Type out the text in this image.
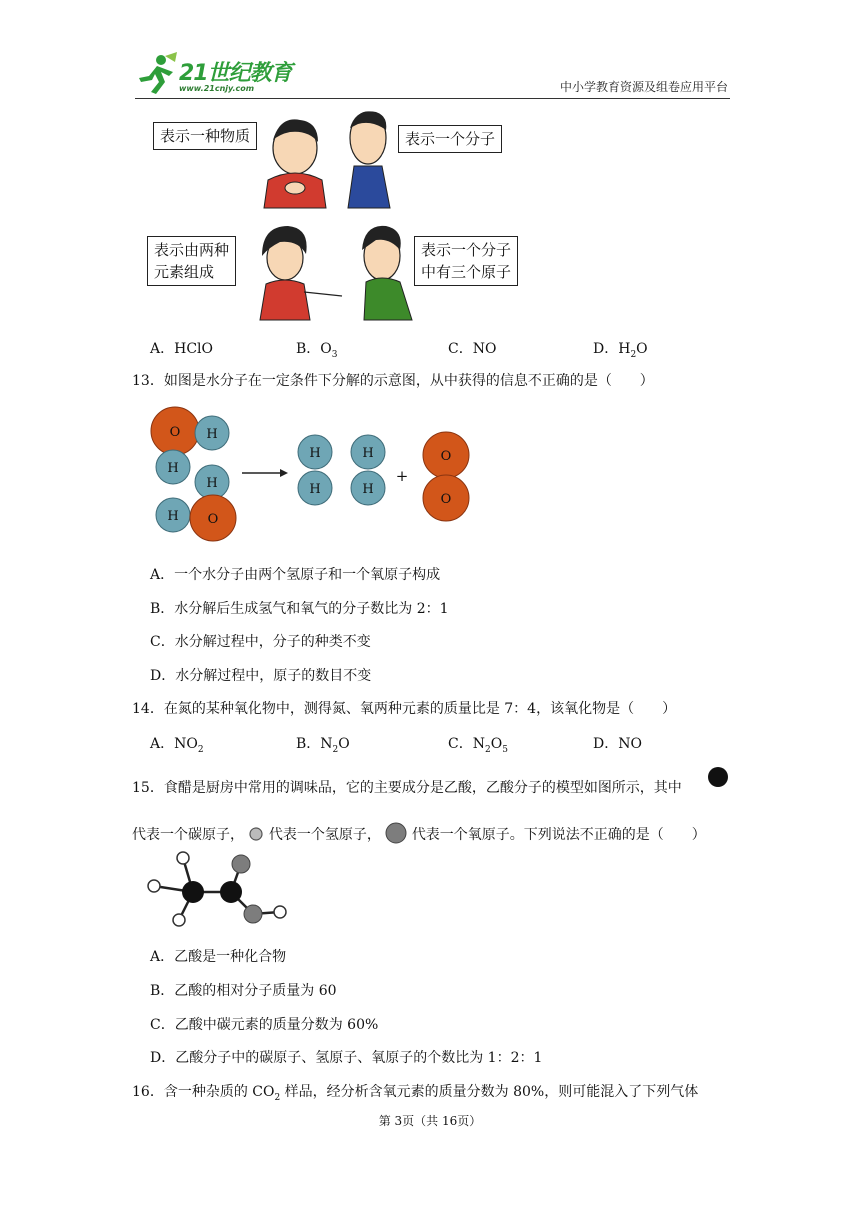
21世纪教育
www.21cnjy.com	中小学教育资源及组卷应用平台
表示一种物质	表示一个分子
表示由两种
元素组成
表示一个分子
中有三个原子
A．HClO	B．$O_3$	C．NO	D．$H_2O$
13．如图是水分子在一定条件下分解的示意图，从中获得的信息不正确的是（　　）
O H
H
H
H O
H
H
H
H
+
O
O
A．一个水分子由两个氢原子和一个氧原子构成
B．水分解后生成氢气和氧气的分子数比为 2：1
C．水分解过程中，分子的种类不变
D．水分解过程中，原子的数目不变
14．在氮的某种氧化物中，测得氮、氧两种元素的质量比是 7：4，该氧化物是（　　）
A．$NO_2$	B．$N_2O$	C．$N_2O_5$	D．NO
15．食醋是厨房中常用的调味品，它的主要成分是乙酸，乙酸分子的模型如图所示，其中
代表一个碳原子， 代表一个氢原子， 代表一个氧原子。下列说法不正确的是（　　）
A．乙酸是一种化合物
B．乙酸的相对分子质量为 60
C．乙酸中碳元素的质量分数为 60%
D．乙酸分子中的碳原子、氢原子、氧原子的个数比为 1：2：1
16．含一种杂质的 $CO_2$ 样品，经分析含氧元素的质量分数为 80%，则可能混入了下列气体
第 3页（共 16页）
